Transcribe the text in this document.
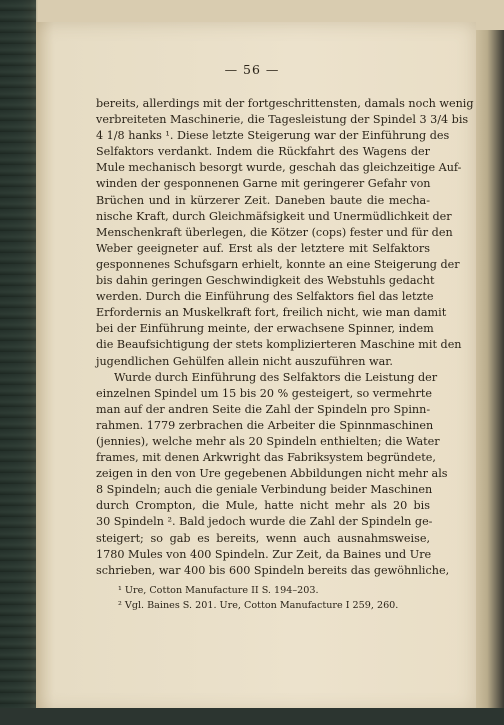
— 56 —
bereits, allerdings mit der fortgeschrittensten, damals noch wenig
verbreiteten Maschinerie, die Tagesleistung der Spindel 3 3/4 bis
4 1/8 hanks ¹. Diese letzte Steigerung war der Einführung des
Selfaktors verdankt. Indem die Rückfahrt des Wagens der
Mule mechanisch besorgt wurde, geschah das gleichzeitige Auf-
winden der gesponnenen Garne mit geringerer Gefahr von
Brüchen und in kürzerer Zeit. Daneben baute die mecha-
nische Kraft, durch Gleichmäfsigkeit und Unermüdlichkeit der
Menschenkraft überlegen, die Kötzer (cops) fester und für den
Weber geeigneter auf. Erst als der letztere mit Selfaktors
gesponnenes Schufsgarn erhielt, konnte an eine Steigerung der
bis dahin geringen Geschwindigkeit des Webstuhls gedacht
werden. Durch die Einführung des Selfaktors fiel das letzte
Erfordernis an Muskelkraft fort, freilich nicht, wie man damit
bei der Einführung meinte, der erwachsene Spinner, indem
die Beaufsichtigung der stets komplizierteren Maschine mit den
jugendlichen Gehülfen allein nicht auszuführen war.
Wurde durch Einführung des Selfaktors die Leistung der
einzelnen Spindel um 15 bis 20 % gesteigert, so vermehrte
man auf der andren Seite die Zahl der Spindeln pro Spinn-
rahmen. 1779 zerbrachen die Arbeiter die Spinnmaschinen
(jennies), welche mehr als 20 Spindeln enthielten; die Water
frames, mit denen Arkwright das Fabriksystem begründete,
zeigen in den von Ure gegebenen Abbildungen nicht mehr als
8 Spindeln; auch die geniale Verbindung beider Maschinen
durch Crompton, die Mule, hatte nicht mehr als 20 bis
30 Spindeln ². Bald jedoch wurde die Zahl der Spindeln ge-
steigert; so gab es bereits, wenn auch ausnahmsweise,
1780 Mules von 400 Spindeln. Zur Zeit, da Baines und Ure
schrieben, war 400 bis 600 Spindeln bereits das gewöhnliche,
¹ Ure, Cotton Manufacture II S. 194–203.
² Vgl. Baines S. 201. Ure, Cotton Manufacture I 259, 260.
